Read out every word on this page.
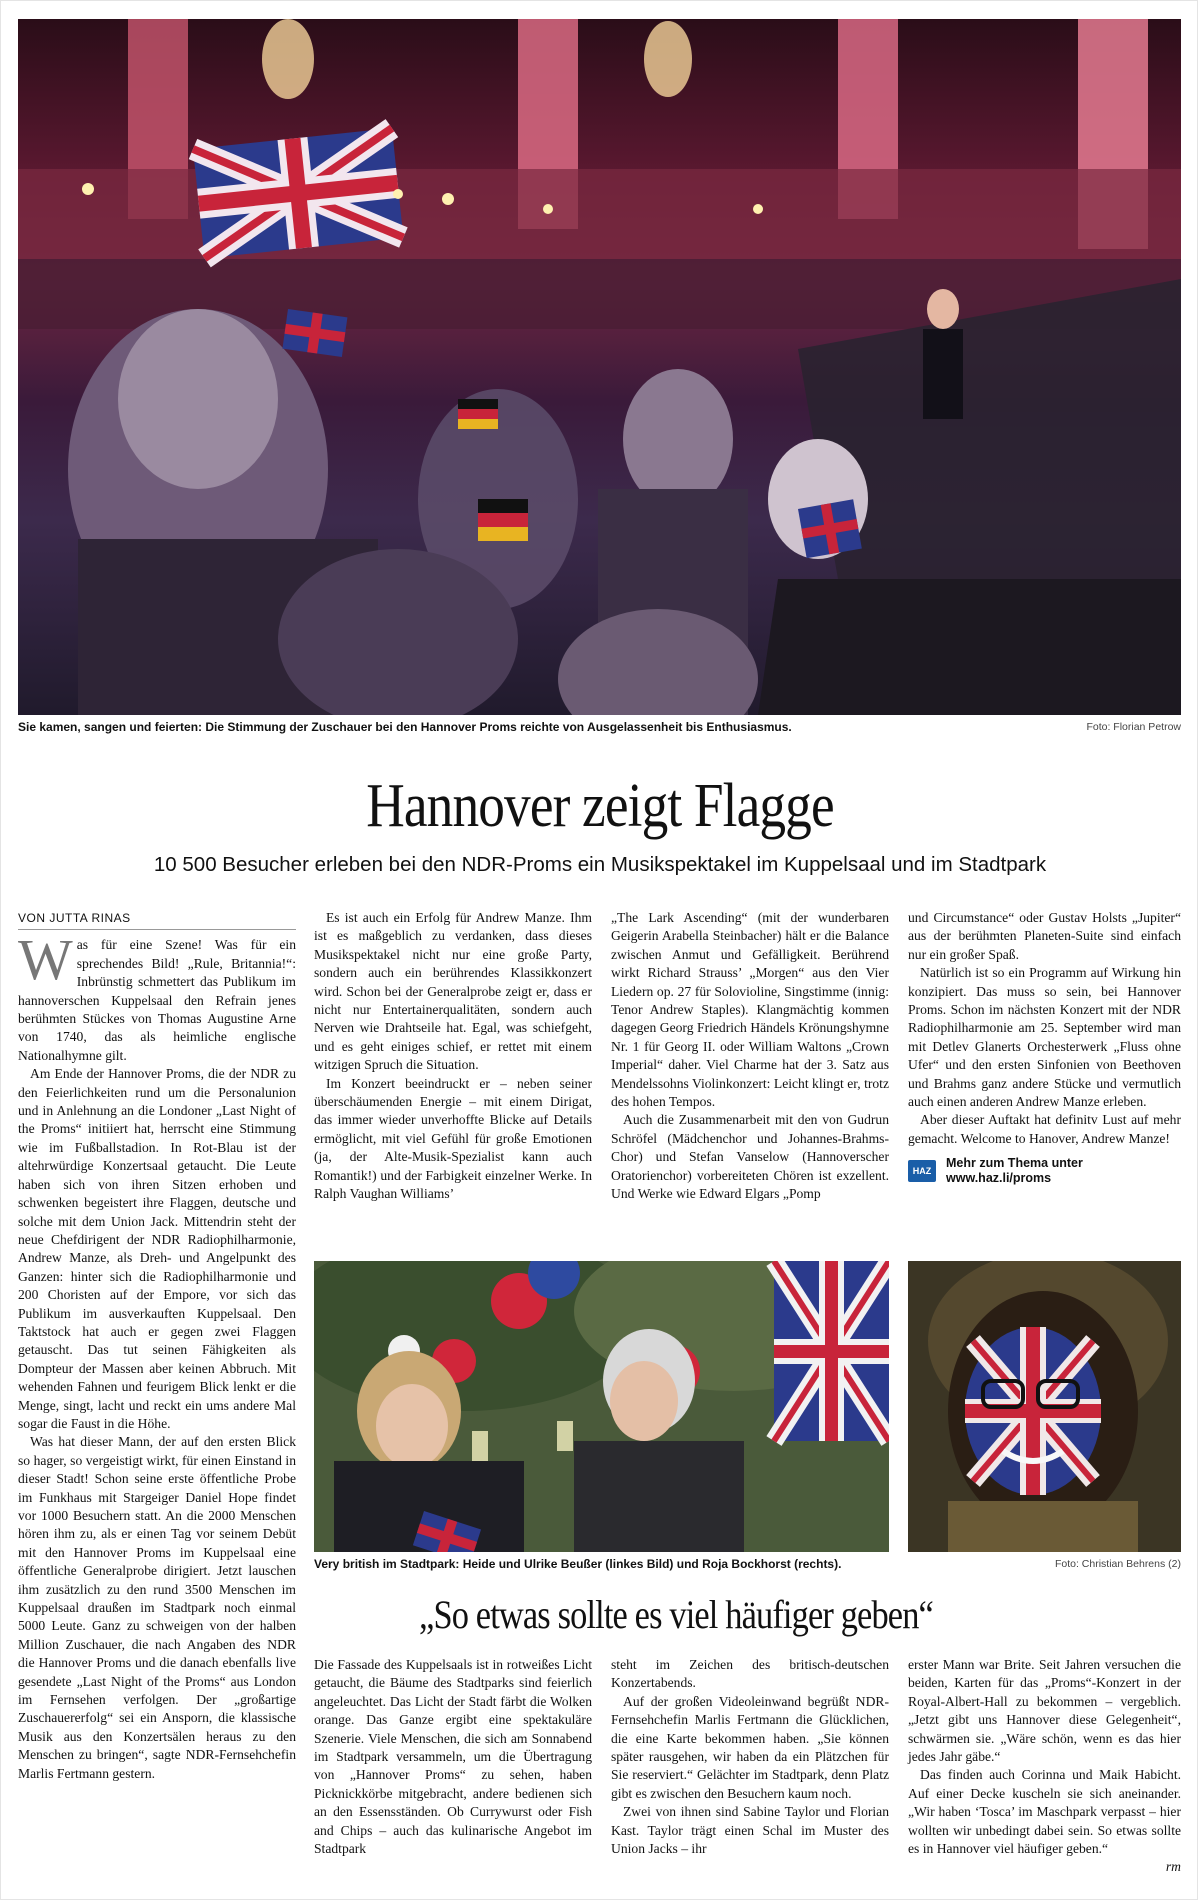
Sie kamen, sangen und feierten: Die Stimmung der Zuschauer bei den Hannover Proms reichte von Ausgelassenheit bis Enthusiasmus.	Foto: Florian Petrow
Hannover zeigt Flagge
10 500 Besucher erleben bei den NDR-Proms ein Musikspektakel im Kuppelsaal und im Stadtpark
VON JUTTA RINAS

Was für eine Szene! Was für ein sprechendes Bild! „Rule, Britannia!“: Inbrünstig schmettert das Publikum im hannoverschen Kuppelsaal den Refrain jenes berühmten Stückes von Thomas Augustine Arne von 1740, das als heimliche englische Nationalhymne gilt.

Am Ende der Hannover Proms, die der NDR zu den Feierlichkeiten rund um die Personalunion und in Anlehnung an die Londoner „Last Night of the Proms“ initiiert hat, herrscht eine Stimmung wie im Fußballstadion. In Rot-Blau ist der altehrwürdige Konzertsaal getaucht. Die Leute haben sich von ihren Sitzen erhoben und schwenken begeistert ihre Flaggen, deutsche und solche mit dem Union Jack. Mittendrin steht der neue Chefdirigent der NDR Radiophilharmonie, Andrew Manze, als Dreh- und Angelpunkt des Ganzen: hinter sich die Radiophilharmonie und 200 Choristen auf der Empore, vor sich das Publikum im ausverkauften Kuppelsaal. Den Taktstock hat auch er gegen zwei Flaggen getauscht. Das tut seinen Fähigkeiten als Dompteur der Massen aber keinen Abbruch. Mit wehenden Fahnen und feurigem Blick lenkt er die Menge, singt, lacht und reckt ein ums andere Mal sogar die Faust in die Höhe.

Was hat dieser Mann, der auf den ersten Blick so hager, so vergeistigt wirkt, für einen Einstand in dieser Stadt! Schon seine erste öffentliche Probe im Funkhaus mit Stargeiger Daniel Hope findet vor 1000 Besuchern statt. An die 2000 Menschen hören ihm zu, als er einen Tag vor seinem Debüt mit den Hannover Proms im Kuppelsaal eine öffentliche Generalprobe dirigiert. Jetzt lauschen ihm zusätzlich zu den rund 3500 Menschen im Kuppelsaal draußen im Stadtpark noch einmal 5000 Leute. Ganz zu schweigen von der halben Million Zuschauer, die nach Angaben des NDR die Hannover Proms und die danach ebenfalls live gesendete „Last Night of the Proms“ aus London im Fernsehen verfolgen. Der „großartige Zuschauererfolg“ sei ein Ansporn, die klassische Musik aus den Konzertsälen heraus zu den Menschen zu bringen“, sagte NDR-Fernsehchefin Marlis Fertmann gestern.

Es ist auch ein Erfolg für Andrew Manze. Ihm ist es maßgeblich zu verdanken, dass dieses Musikspektakel nicht nur eine große Party, sondern auch ein berührendes Klassikkonzert wird. Schon bei der Generalprobe zeigt er, dass er nicht nur Entertainerqualitäten, sondern auch Nerven wie Drahtseile hat. Egal, was schiefgeht, und es geht einiges schief, er rettet mit einem witzigen Spruch die Situation.

Im Konzert beeindruckt er – neben seiner überschäumenden Energie – mit einem Dirigat, das immer wieder unverhoffte Blicke auf Details ermöglicht, mit viel Gefühl für große Emotionen (ja, der Alte-Musik-Spezialist kann auch Romantik!) und der Farbigkeit einzelner Werke. In Ralph Vaughan Williams’

„The Lark Ascending“ (mit der wunderbaren Geigerin Arabella Steinbacher) hält er die Balance zwischen Anmut und Gefälligkeit. Berührend wirkt Richard Strauss’ „Morgen“ aus den Vier Liedern op. 27 für Solovioline, Singstimme (innig: Tenor Andrew Staples). Klangmächtig kommen dagegen Georg Friedrich Händels Krönungshymne Nr. 1 für Georg II. oder William Waltons „Crown Imperial“ daher. Viel Charme hat der 3. Satz aus Mendelssohns Violinkonzert: Leicht klingt er, trotz des hohen Tempos.

Auch die Zusammenarbeit mit den von Gudrun Schröfel (Mädchenchor und Johannes-Brahms-Chor) und Stefan Vanselow (Hannoverscher Oratorienchor) vorbereiteten Chören ist exzellent. Und Werke wie Edward Elgars „Pomp

und Circumstance“ oder Gustav Holsts „Jupiter“ aus der berühmten Planeten-Suite sind einfach nur ein großer Spaß.

Natürlich ist so ein Programm auf Wirkung hin konzipiert. Das muss so sein, bei Hannover Proms. Schon im nächsten Konzert mit der NDR Radiophilharmonie am 25. September wird man mit Detlev Glanerts Orchesterwerk „Fluss ohne Ufer“ und den ersten Sinfonien von Beethoven und Brahms ganz andere Stücke und vermutlich auch einen anderen Andrew Manze erleben.

Aber dieser Auftakt hat definitv Lust auf mehr gemacht. Welcome to Hanover, Andrew Manze!

HAZ
Mehr zum Thema unter
www.haz.li/proms
Very british im Stadtpark: Heide und Ulrike Beußer (linkes Bild) und Roja Bockhorst (rechts).	Foto: Christian Behrens (2)
„So etwas sollte es viel häufiger geben“

Die Fassade des Kuppelsaals ist in rotweißes Licht getaucht, die Bäume des Stadtparks sind feierlich angeleuchtet. Das Licht der Stadt färbt die Wolken orange. Das Ganze ergibt eine spektakuläre Szenerie. Viele Menschen, die sich am Sonnabend im Stadtpark versammeln, um die Übertragung von „Hannover Proms“ zu sehen, haben Picknickkörbe mitgebracht, andere bedienen sich an den Essensständen. Ob Currywurst oder Fish and Chips – auch das kulinarische Angebot im Stadtpark

steht im Zeichen des britisch-deutschen Konzertabends.

Auf der großen Videoleinwand begrüßt NDR-Fernsehchefin Marlis Fertmann die Glücklichen, die eine Karte bekommen haben. „Sie können später rausgehen, wir haben da ein Plätzchen für Sie reserviert.“ Gelächter im Stadtpark, denn Platz gibt es zwischen den Besuchern kaum noch.

Zwei von ihnen sind Sabine Taylor und Florian Kast. Taylor trägt einen Schal im Muster des Union Jacks – ihr

erster Mann war Brite. Seit Jahren versuchen die beiden, Karten für das „Proms“-Konzert in der Royal-Albert-Hall zu bekommen – vergeblich. „Jetzt gibt uns Hannover diese Gelegenheit“, schwärmen sie. „Wäre schön, wenn es das hier jedes Jahr gäbe.“

Das finden auch Corinna und Maik Habicht. Auf einer Decke kuscheln sie sich aneinander. „Wir haben ‘Tosca’ im Maschpark verpasst – hier wollten wir unbedingt dabei sein. So etwas sollte es in Hannover viel häufiger geben.“

rm
